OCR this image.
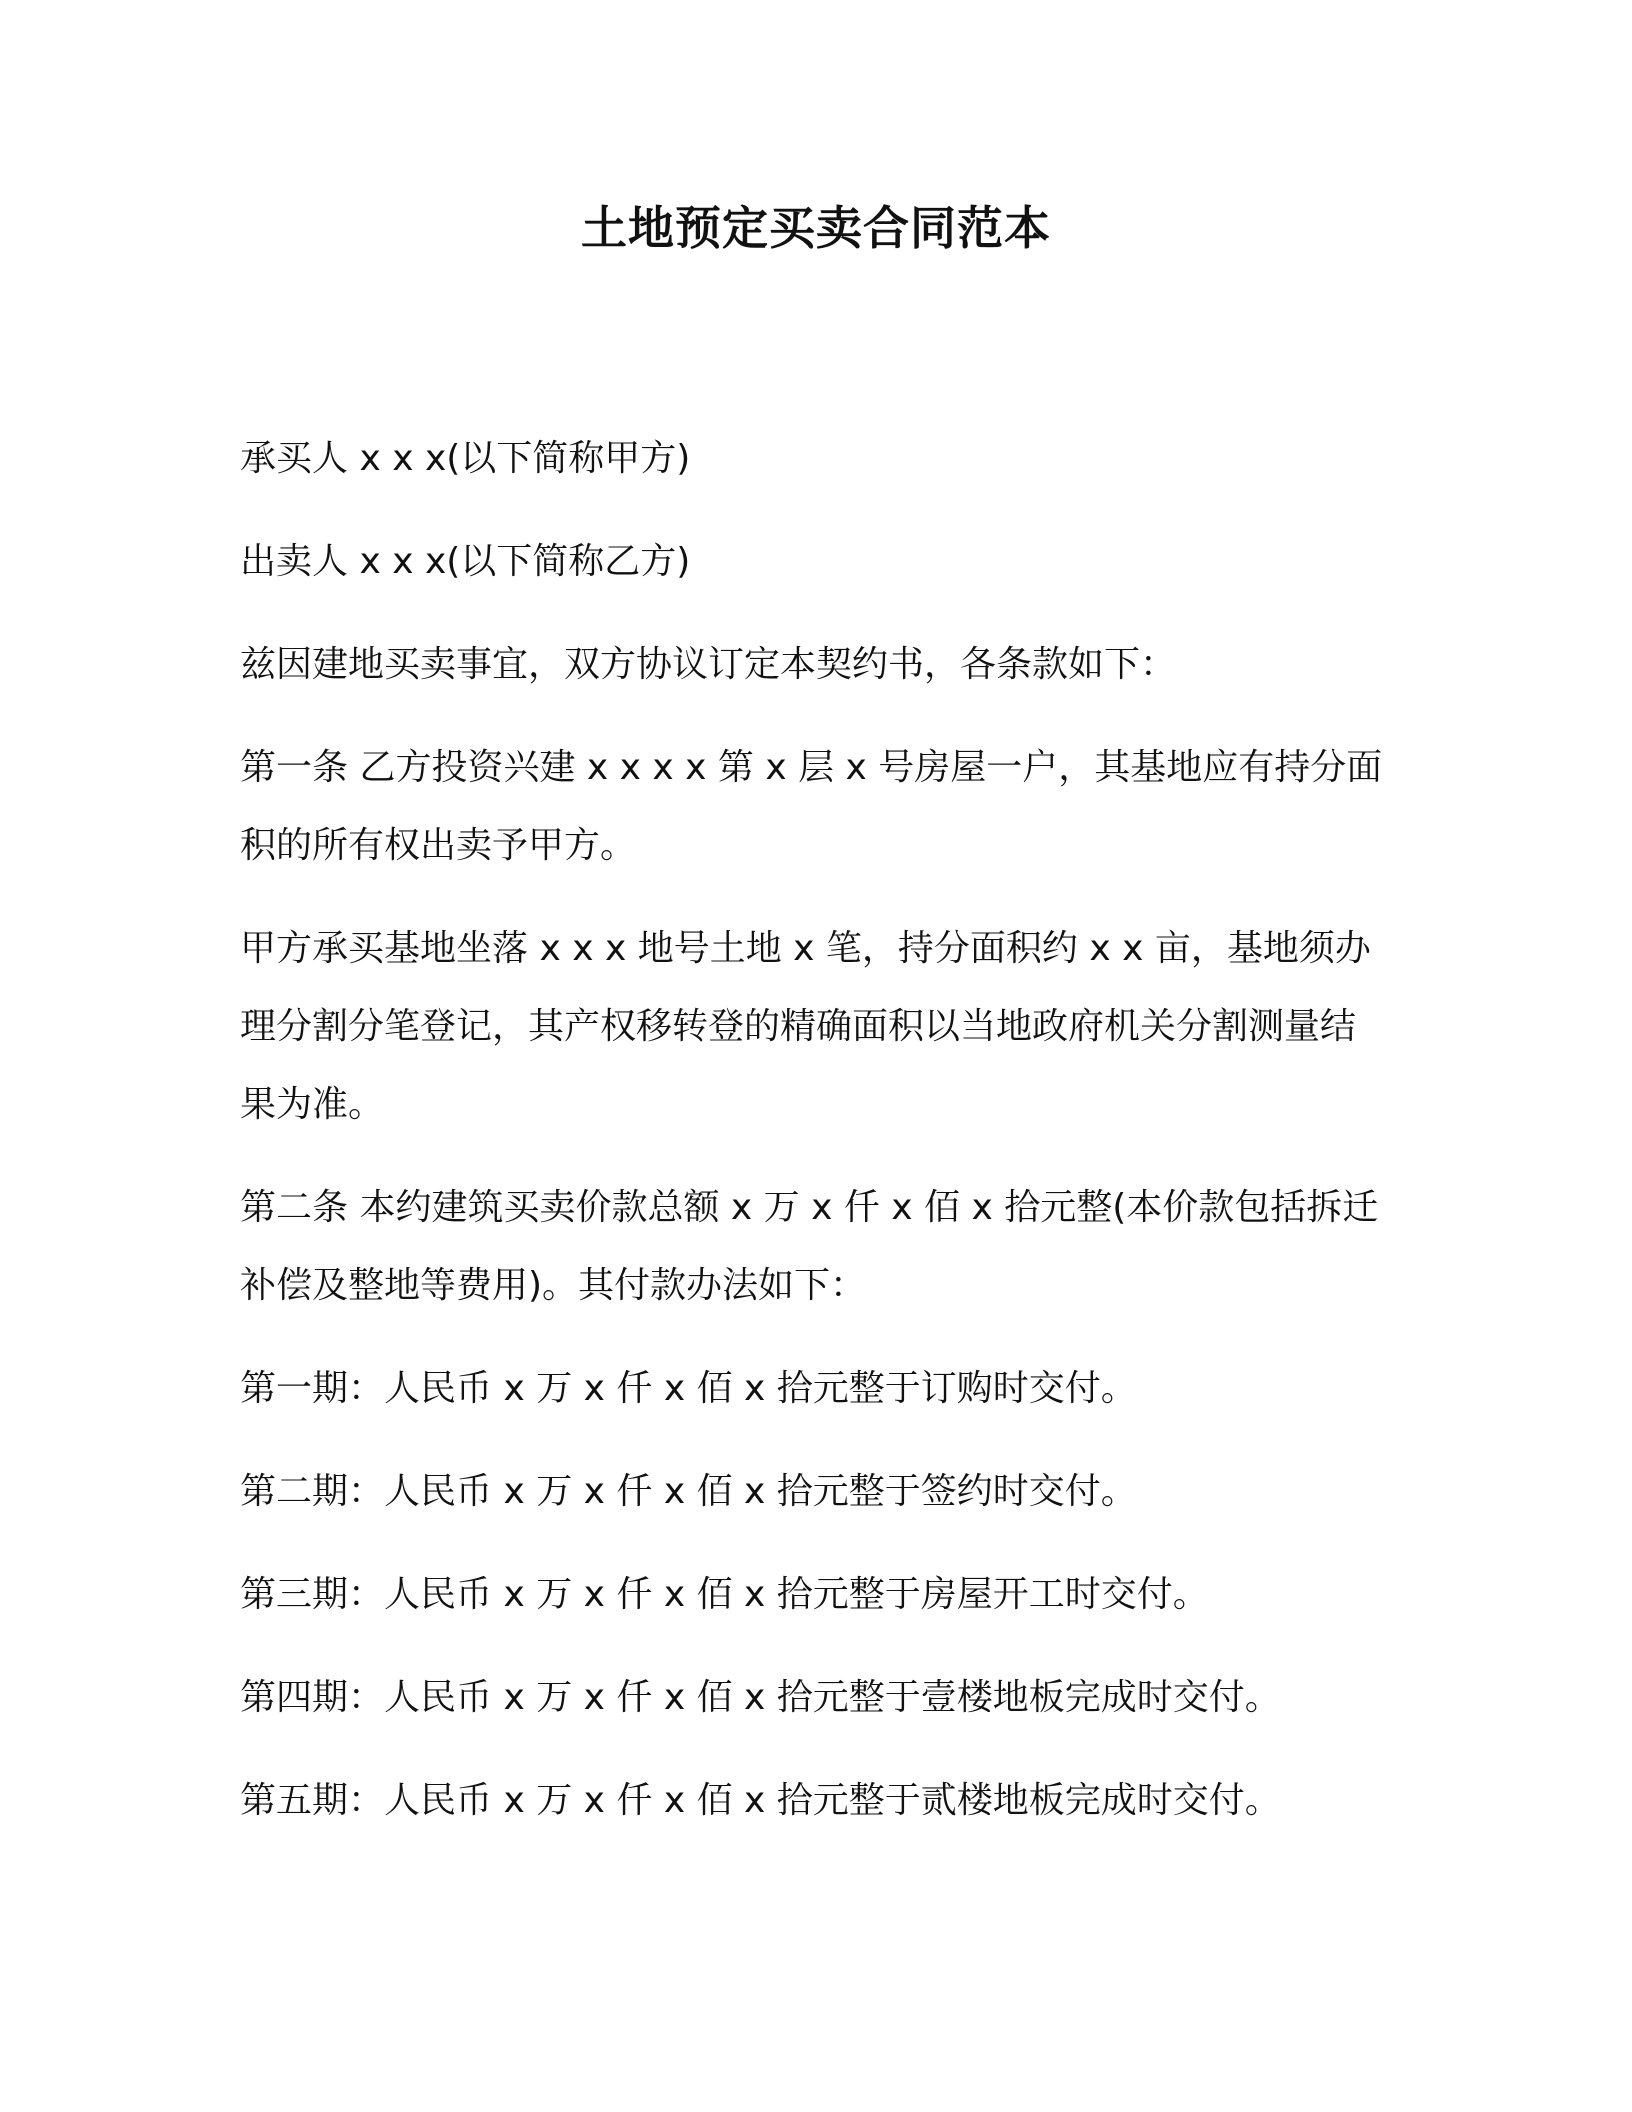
土地预定买卖合同范本

承买人 x x x(以下简称甲方)

出卖人 x x x(以下简称乙方)

兹因建地买卖事宜，双方协议订定本契约书，各条款如下：

第一条 乙方投资兴建 x x x x 第 x 层 x 号房屋一户，其基地应有持分面积的所有权出卖予甲方。

甲方承买基地坐落 x x x 地号土地 x 笔，持分面积约 x x 亩，基地须办理分割分笔登记，其产权移转登的精确面积以当地政府机关分割测量结果为准。

第二条 本约建筑买卖价款总额 x 万 x 仟 x 佰 x 拾元整(本价款包括拆迁补偿及整地等费用)。其付款办法如下：

第一期：人民币 x 万 x 仟 x 佰 x 拾元整于订购时交付。

第二期：人民币 x 万 x 仟 x 佰 x 拾元整于签约时交付。

第三期：人民币 x 万 x 仟 x 佰 x 拾元整于房屋开工时交付。

第四期：人民币 x 万 x 仟 x 佰 x 拾元整于壹楼地板完成时交付。

第五期：人民币 x 万 x 仟 x 佰 x 拾元整于贰楼地板完成时交付。
